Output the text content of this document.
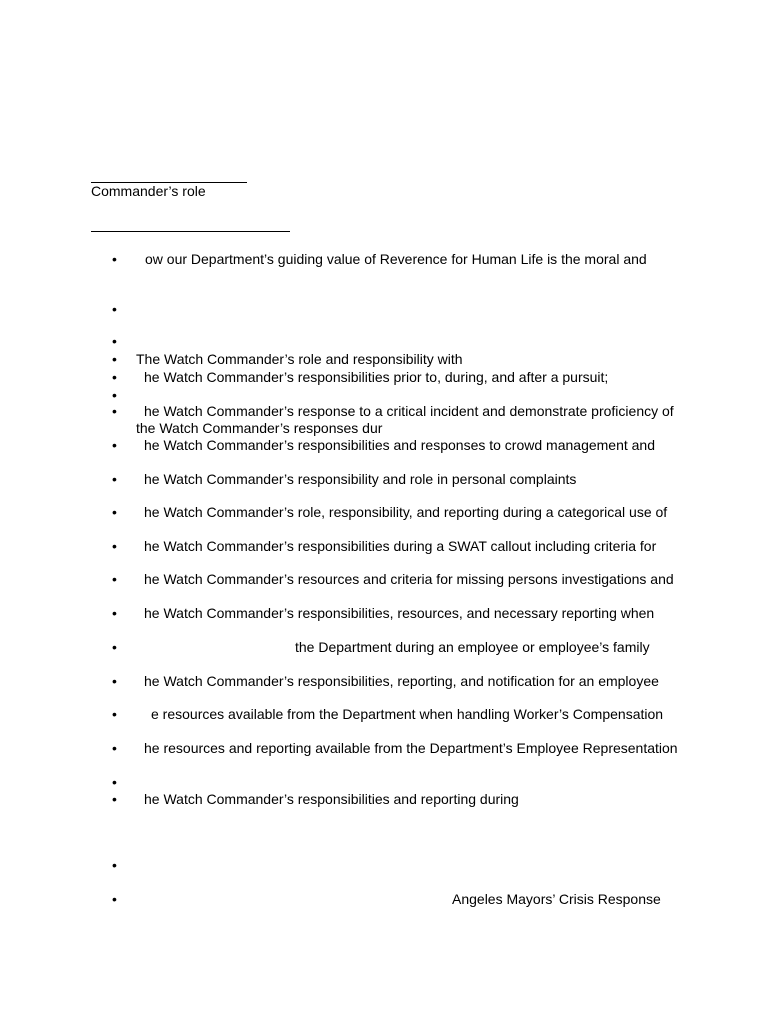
Commander’s role
• ow our Department’s guiding value of Reverence for Human Life is the moral and
•
•
• The Watch Commander’s role and responsibility with
• he Watch Commander’s responsibilities prior to, during, and after a pursuit;
•
• he Watch Commander’s response to a critical incident and demonstrate proficiency of
the Watch Commander’s responses dur
• he Watch Commander’s responsibilities and responses to crowd management and
• he Watch Commander’s responsibility and role in personal complaints
• he Watch Commander’s role, responsibility, and reporting during a categorical use of
• he Watch Commander’s responsibilities during a SWAT callout including criteria for
• he Watch Commander’s resources and criteria for missing persons investigations and
• he Watch Commander’s responsibilities, resources, and necessary reporting when
•	the Department during an employee or employee’s family
• he Watch Commander’s responsibilities, reporting, and notification for an employee
• e resources available from the Department when handling Worker’s Compensation
• he resources and reporting available from the Department’s Employee Representation
•
• he Watch Commander’s responsibilities and reporting during
•
•	Angeles Mayors’ Crisis Response
